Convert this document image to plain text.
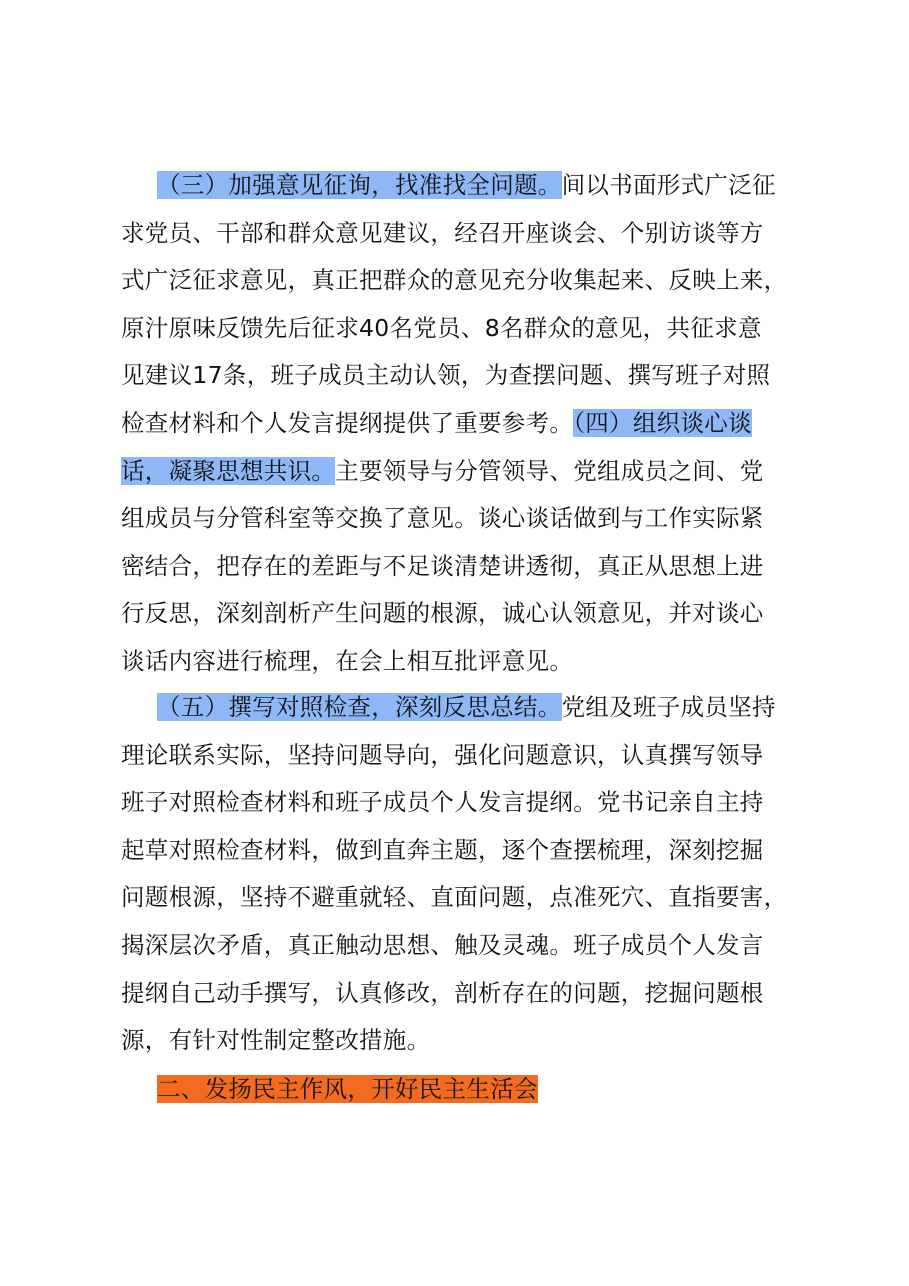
（三）加强意见征询，找准找全问题。间以书面形式广泛征
求党员、干部和群众意见建议，经召开座谈会、个别访谈等方
式广泛征求意见，真正把群众的意见充分收集起来、反映上来，
原汁原味反馈先后征求40名党员、8名群众的意见，共征求意
见建议17条，班子成员主动认领，为查摆问题、撰写班子对照
检查材料和个人发言提纲提供了重要参考。（四）组织谈心谈
话，凝聚思想共识。主要领导与分管领导、党组成员之间、党
组成员与分管科室等交换了意见。谈心谈话做到与工作实际紧
密结合，把存在的差距与不足谈清楚讲透彻，真正从思想上进
行反思，深刻剖析产生问题的根源，诚心认领意见，并对谈心
谈话内容进行梳理，在会上相互批评意见。
（五）撰写对照检查，深刻反思总结。党组及班子成员坚持
理论联系实际，坚持问题导向，强化问题意识，认真撰写领导
班子对照检查材料和班子成员个人发言提纲。党书记亲自主持
起草对照检查材料，做到直奔主题，逐个查摆梳理，深刻挖掘
问题根源，坚持不避重就轻、直面问题，点准死穴、直指要害，
揭深层次矛盾，真正触动思想、触及灵魂。班子成员个人发言
提纲自己动手撰写，认真修改，剖析存在的问题，挖掘问题根
源，有针对性制定整改措施。
二、发扬民主作风，开好民主生活会
